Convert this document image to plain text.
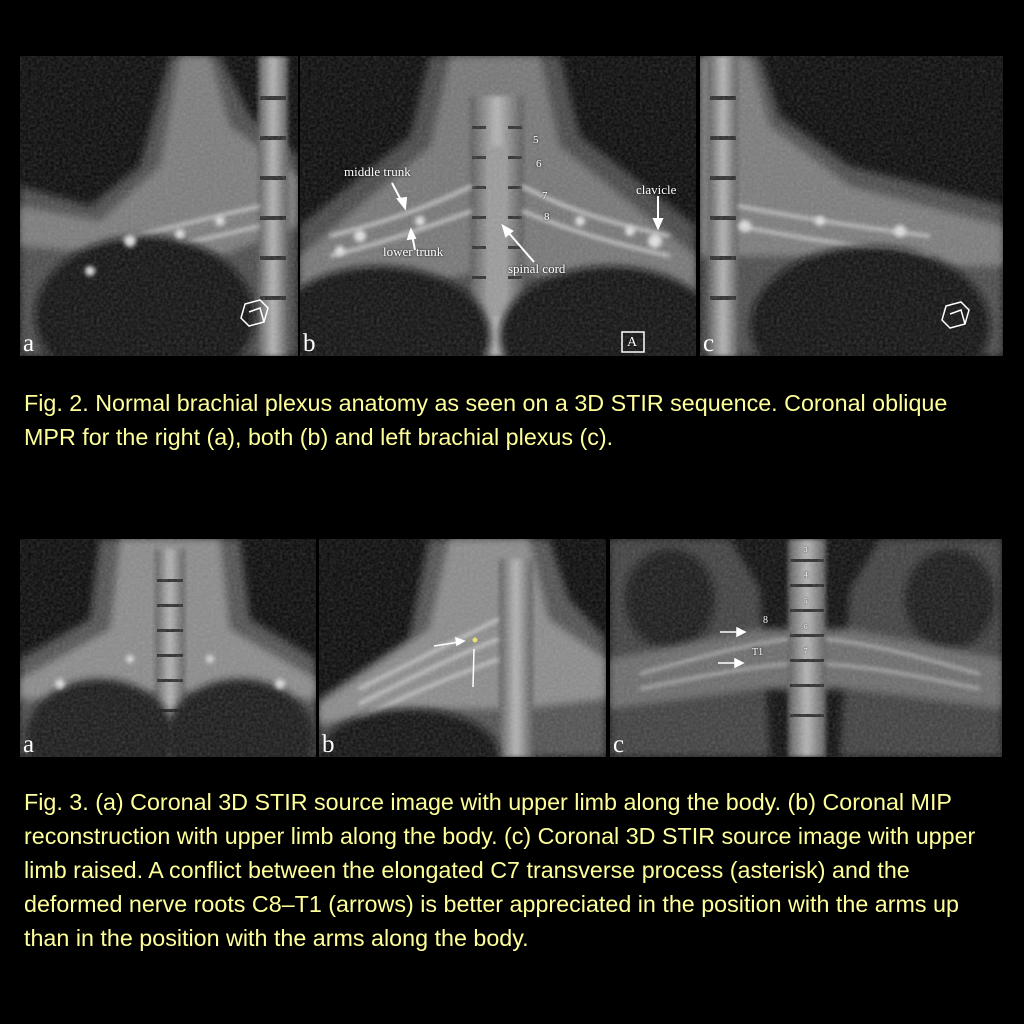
a	b
middle trunk
lower trunk
spinal cord
clavicle
5
6
7
8
A	c

Fig. 2. Normal brachial plexus anatomy as seen on a 3D STIR sequence. Coronal oblique MPR for the right (a), both (b) and left brachial plexus (c).

a	b	c
3
4
5
6
7
8
T1

Fig. 3. (a) Coronal 3D STIR source image with upper limb along the body. (b) Coronal MIP reconstruction with upper limb along the body. (c) Coronal 3D STIR source image with upper limb raised. A conflict between the elongated C7 transverse process (asterisk) and the deformed nerve roots C8–T1 (arrows) is better appreciated in the position with the arms up than in the position with the arms along the body.
